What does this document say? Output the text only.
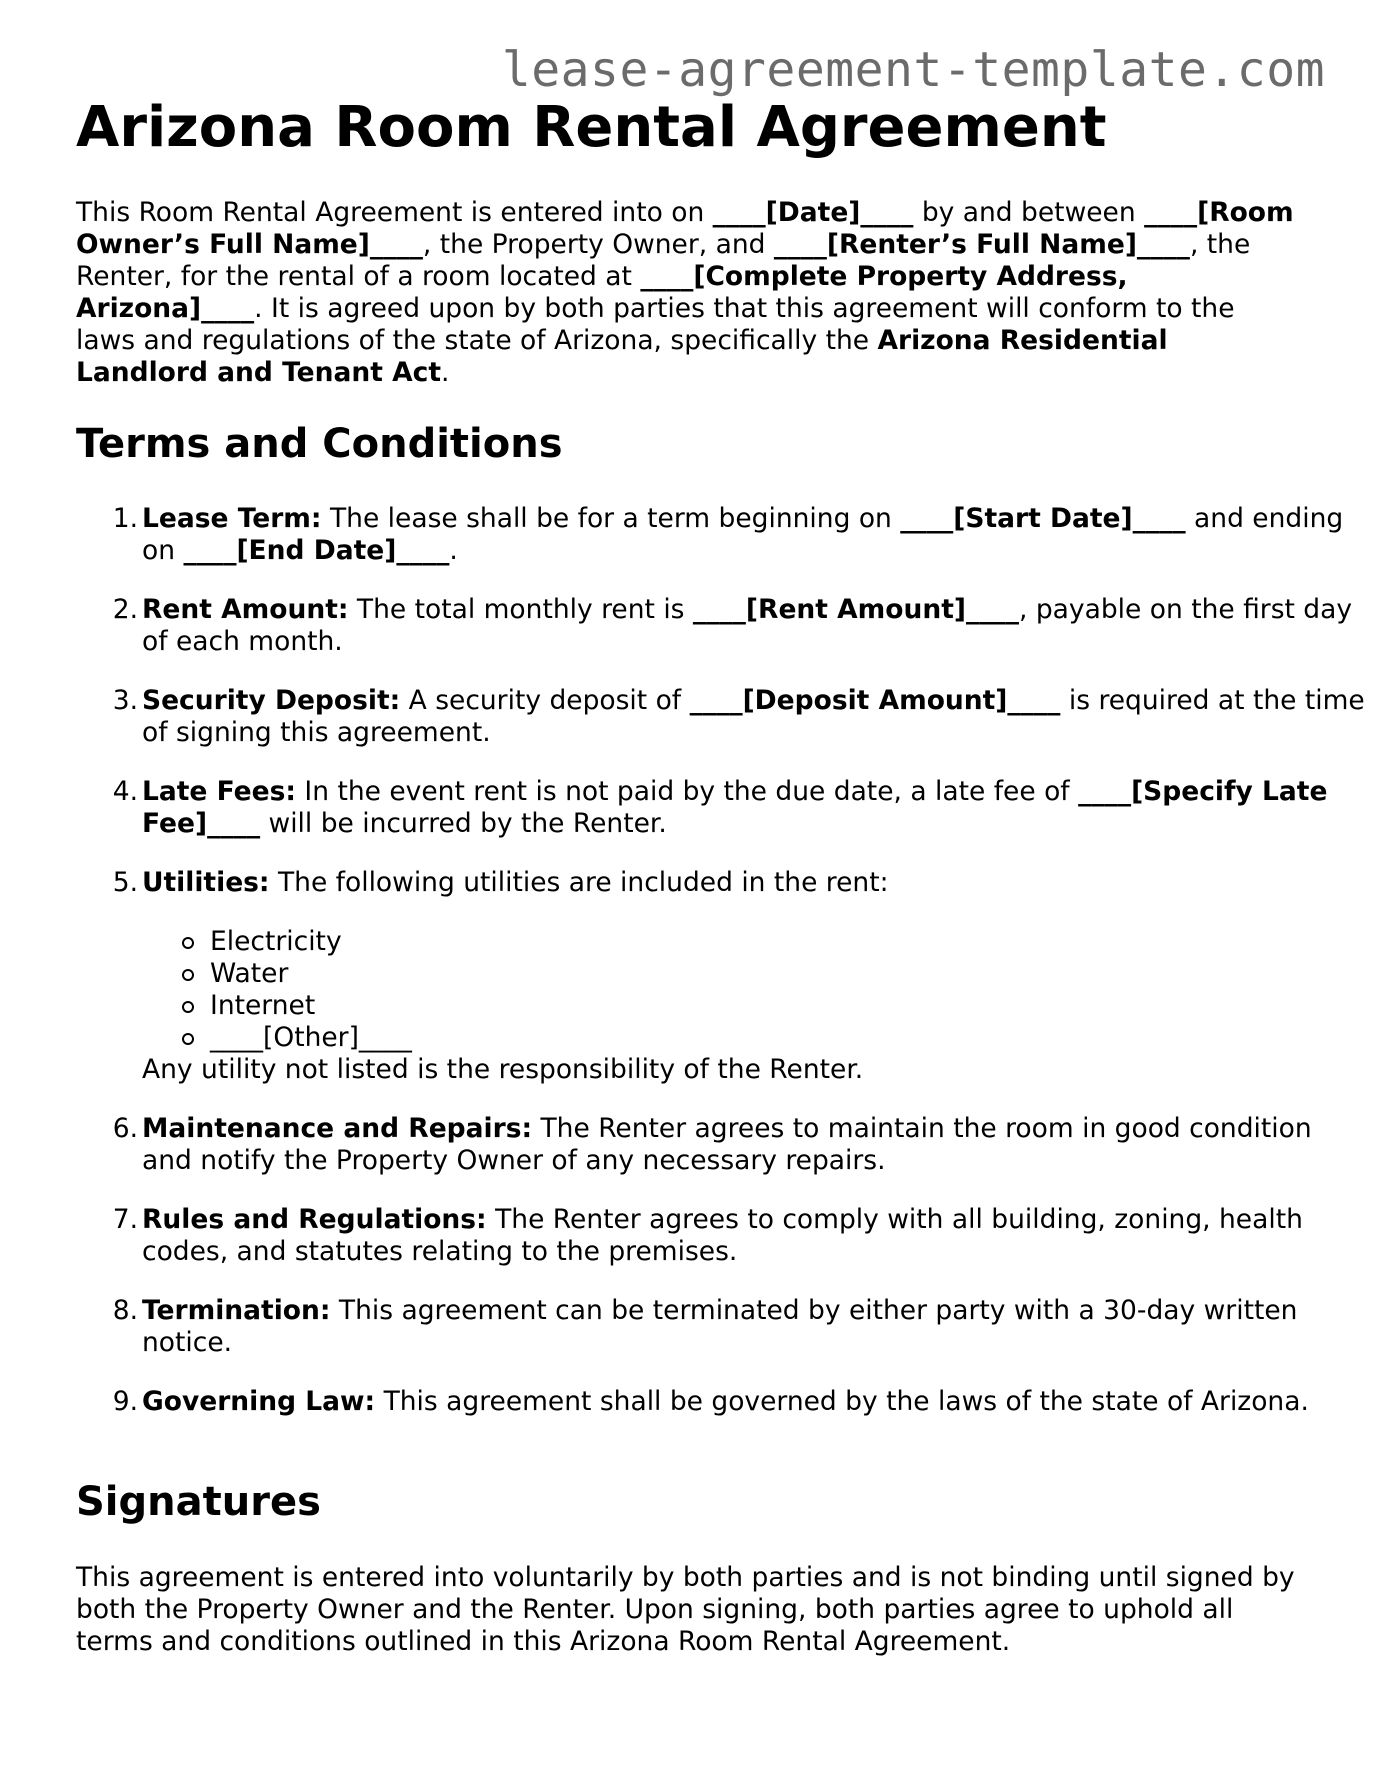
lease-agreement-template.com
Arizona Room Rental Agreement

This Room Rental Agreement is entered into on ____[Date]____ by and between ____[Room Owner’s Full Name]____, the Property Owner, and ____[Renter’s Full Name]____, the Renter, for the rental of a room located at ____[Complete Property Address, Arizona]____. It is agreed upon by both parties that this agreement will conform to the laws and regulations of the state of Arizona, specifically the Arizona Residential Landlord and Tenant Act.

Terms and Conditions
1. Lease Term: The lease shall be for a term beginning on ____[Start Date]____ and ending on ____[End Date]____.
2. Rent Amount: The total monthly rent is ____[Rent Amount]____, payable on the first day of each month.
3. Security Deposit: A security deposit of ____[Deposit Amount]____ is required at the time of signing this agreement.
4. Late Fees: In the event rent is not paid by the due date, a late fee of ____[Specify Late Fee]____ will be incurred by the Renter.
5. Utilities: The following utilities are included in the rent:
Electricity
Water
Internet
____[Other]____
Any utility not listed is the responsibility of the Renter.
6. Maintenance and Repairs: The Renter agrees to maintain the room in good condition and notify the Property Owner of any necessary repairs.
7. Rules and Regulations: The Renter agrees to comply with all building, zoning, health codes, and statutes relating to the premises.
8. Termination: This agreement can be terminated by either party with a 30-day written notice.
9. Governing Law: This agreement shall be governed by the laws of the state of Arizona.
Signatures

This agreement is entered into voluntarily by both parties and is not binding until signed by both the Property Owner and the Renter. Upon signing, both parties agree to uphold all terms and conditions outlined in this Arizona Room Rental Agreement.
